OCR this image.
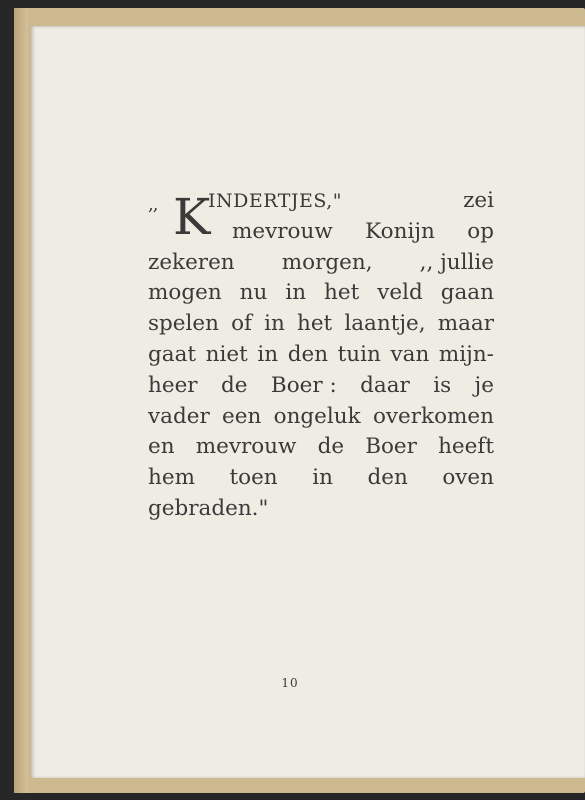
,, K
INDERTJES,"	zei
mevrouw Konijn op
zekeren morgen, ,, jullie
mogen nu in het veld gaan
spelen of in het laantje, maar
gaat niet in den tuin van mijn-
heer de Boer : daar is je
vader een ongeluk overkomen
en mevrouw de Boer heeft
hem toen in den oven
gebraden."
10
